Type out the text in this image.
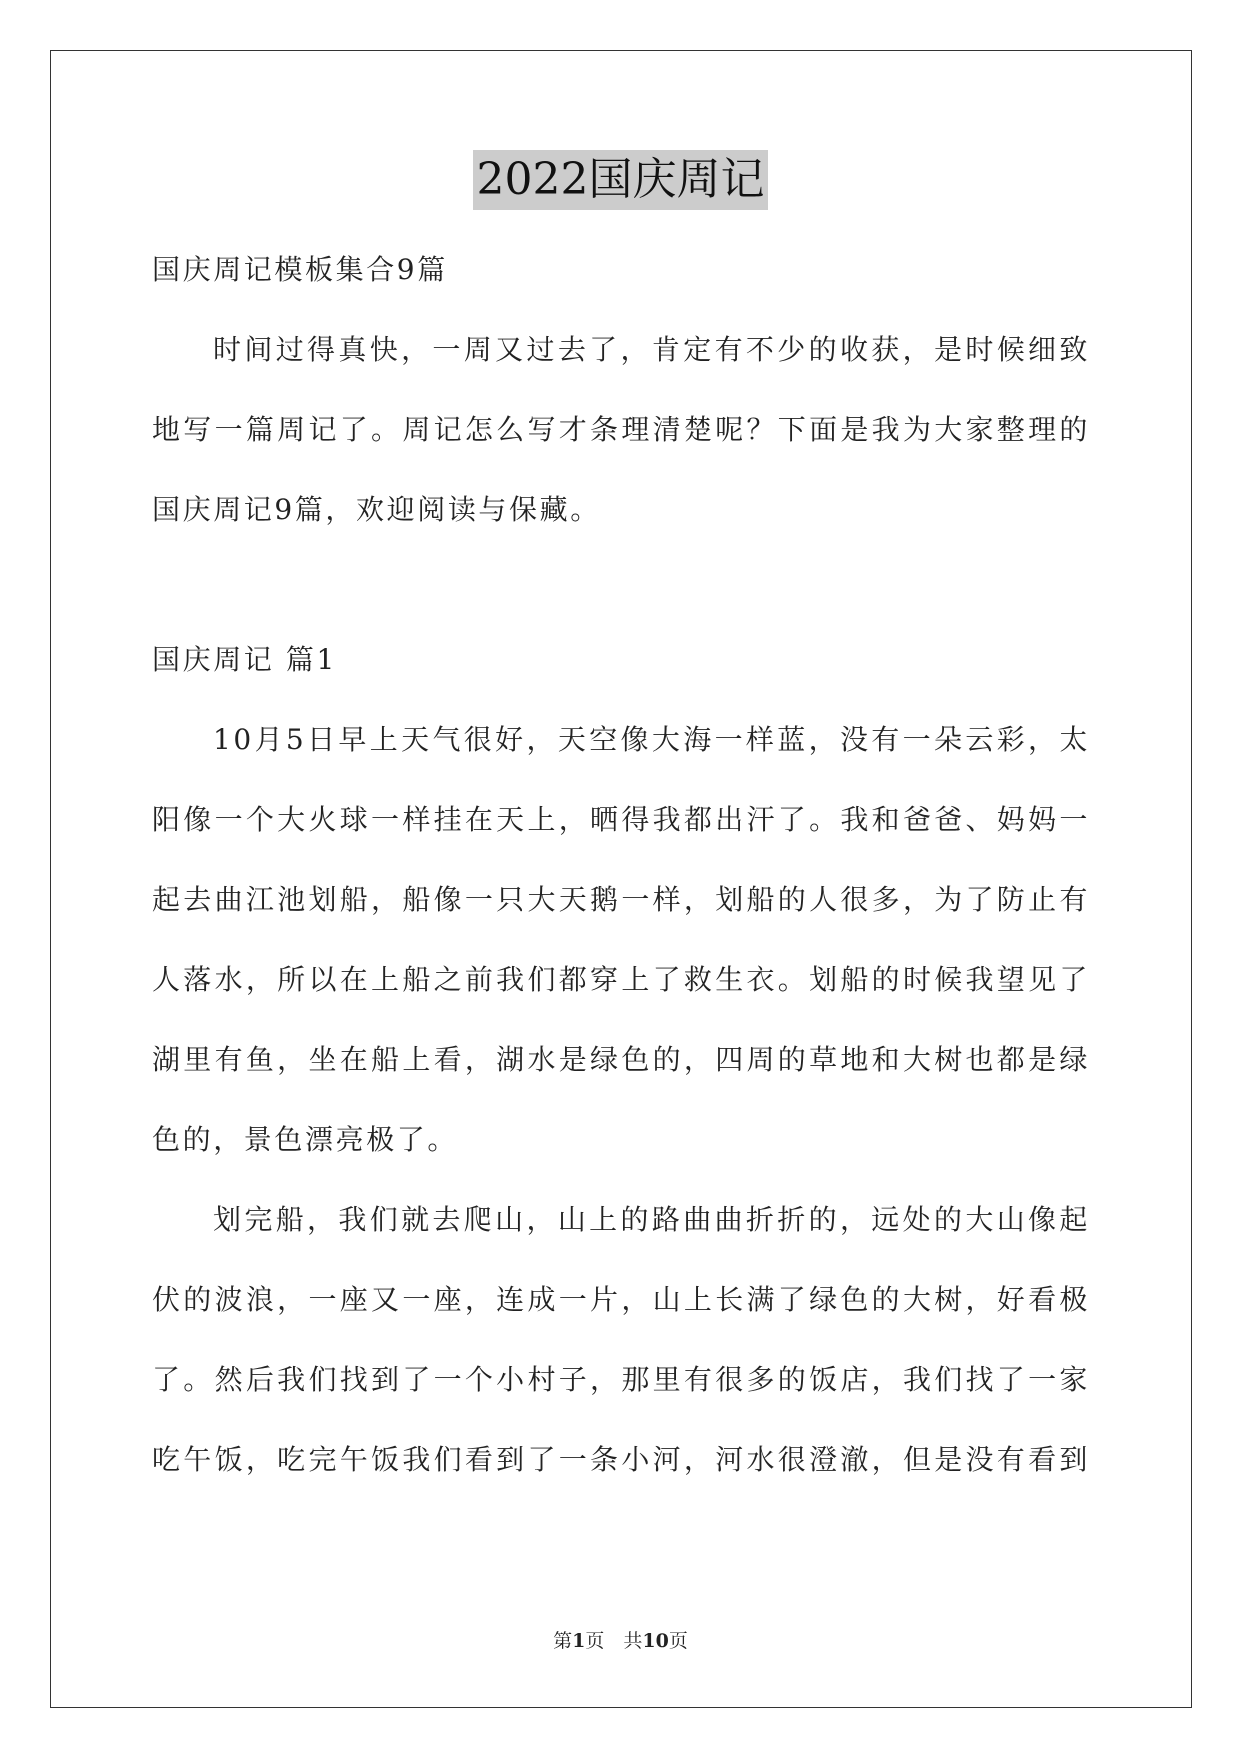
2022国庆周记
国庆周记模板集合9篇
时间过得真快，一周又过去了，肯定有不少的收获，是时候细致
地写一篇周记了。周记怎么写才条理清楚呢？下面是我为大家整理的
国庆周记9篇，欢迎阅读与保藏。
国庆周记 篇1
10月5日早上天气很好，天空像大海一样蓝，没有一朵云彩，太
阳像一个大火球一样挂在天上，晒得我都出汗了。我和爸爸、妈妈一
起去曲江池划船，船像一只大天鹅一样，划船的人很多，为了防止有
人落水，所以在上船之前我们都穿上了救生衣。划船的时候我望见了
湖里有鱼，坐在船上看，湖水是绿色的，四周的草地和大树也都是绿
色的，景色漂亮极了。
划完船，我们就去爬山，山上的路曲曲折折的，远处的大山像起
伏的波浪，一座又一座，连成一片，山上长满了绿色的大树，好看极
了。然后我们找到了一个小村子，那里有很多的饭店，我们找了一家
吃午饭，吃完午饭我们看到了一条小河，河水很澄澈，但是没有看到
第1页　共10页
